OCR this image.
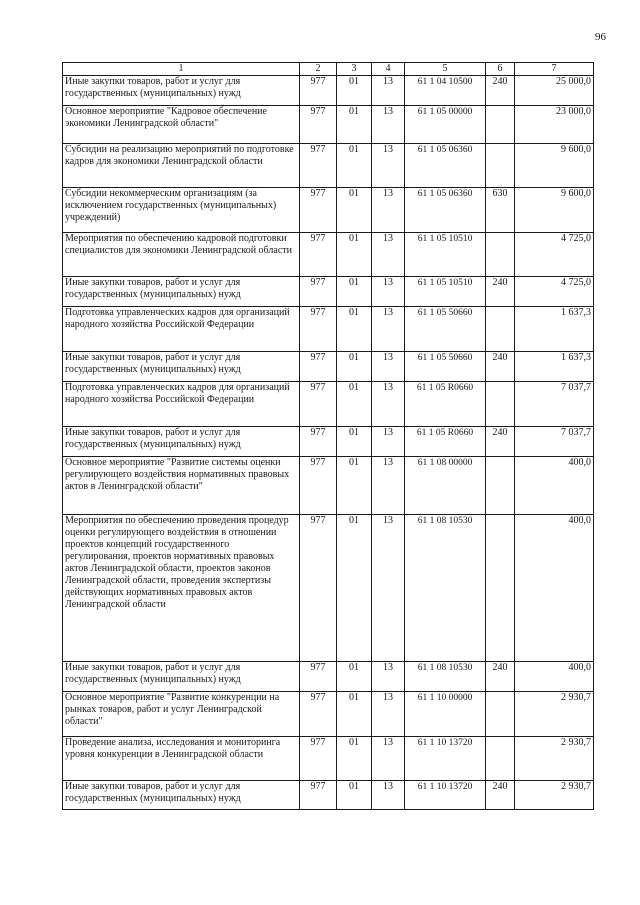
96
1	2	3	4	5	6	7
Иные закупки товаров, работ и услуг для государственных (муниципальных) нужд	977	01	13	61 1 04 10500	240	25 000,0
Основное мероприятие "Кадровое обеспечение экономики Ленинградской области"	977	01	13	61 1 05 00000		23 000,0
Субсидии на реализацию мероприятий по подготовке кадров для экономики Ленинградской области	977	01	13	61 1 05 06360		9 600,0
Субсидии некоммерческим организациям (за исключением государственных (муниципальных) учреждений)	977	01	13	61 1 05 06360	630	9 600,0
Мероприятия по обеспечению кадровой подготовки специалистов для экономики Ленинградской области	977	01	13	61 1 05 10510		4 725,0
Иные закупки товаров, работ и услуг для государственных (муниципальных) нужд	977	01	13	61 1 05 10510	240	4 725,0
Подготовка управленческих кадров для организаций народного хозяйства Российской Федерации	977	01	13	61 1 05 50660		1 637,3
Иные закупки товаров, работ и услуг для государственных (муниципальных) нужд	977	01	13	61 1 05 50660	240	1 637,3
Подготовка управленческих кадров для организаций народного хозяйства Российской Федерации	977	01	13	61 1 05 R0660		7 037,7
Иные закупки товаров, работ и услуг для государственных (муниципальных) нужд	977	01	13	61 1 05 R0660	240	7 037,7
Основное мероприятие "Развитие системы оценки регулирующего воздействия нормативных правовых актов в Ленинградской области"	977	01	13	61 1 08 00000		400,0
Мероприятия по обеспечению проведения процедур оценки регулирующего воздействия в отношении проектов концепций государственного регулирования, проектов нормативных правовых актов Ленинградской области, проектов законов Ленинградской области, проведения экспертизы действующих нормативных правовых актов Ленинградской области	977	01	13	61 1 08 10530		400,0
Иные закупки товаров, работ и услуг для государственных (муниципальных) нужд	977	01	13	61 1 08 10530	240	400,0
Основное мероприятие "Развитие конкуренции на рынках товаров, работ и услуг Ленинградской области"	977	01	13	61 1 10 00000		2 930,7
Проведение анализа, исследования и мониторинга уровня конкуренции в Ленинградской области	977	01	13	61 1 10 13720		2 930,7
Иные закупки товаров, работ и услуг для государственных (муниципальных) нужд	977	01	13	61 1 10 13720	240	2 930,7
